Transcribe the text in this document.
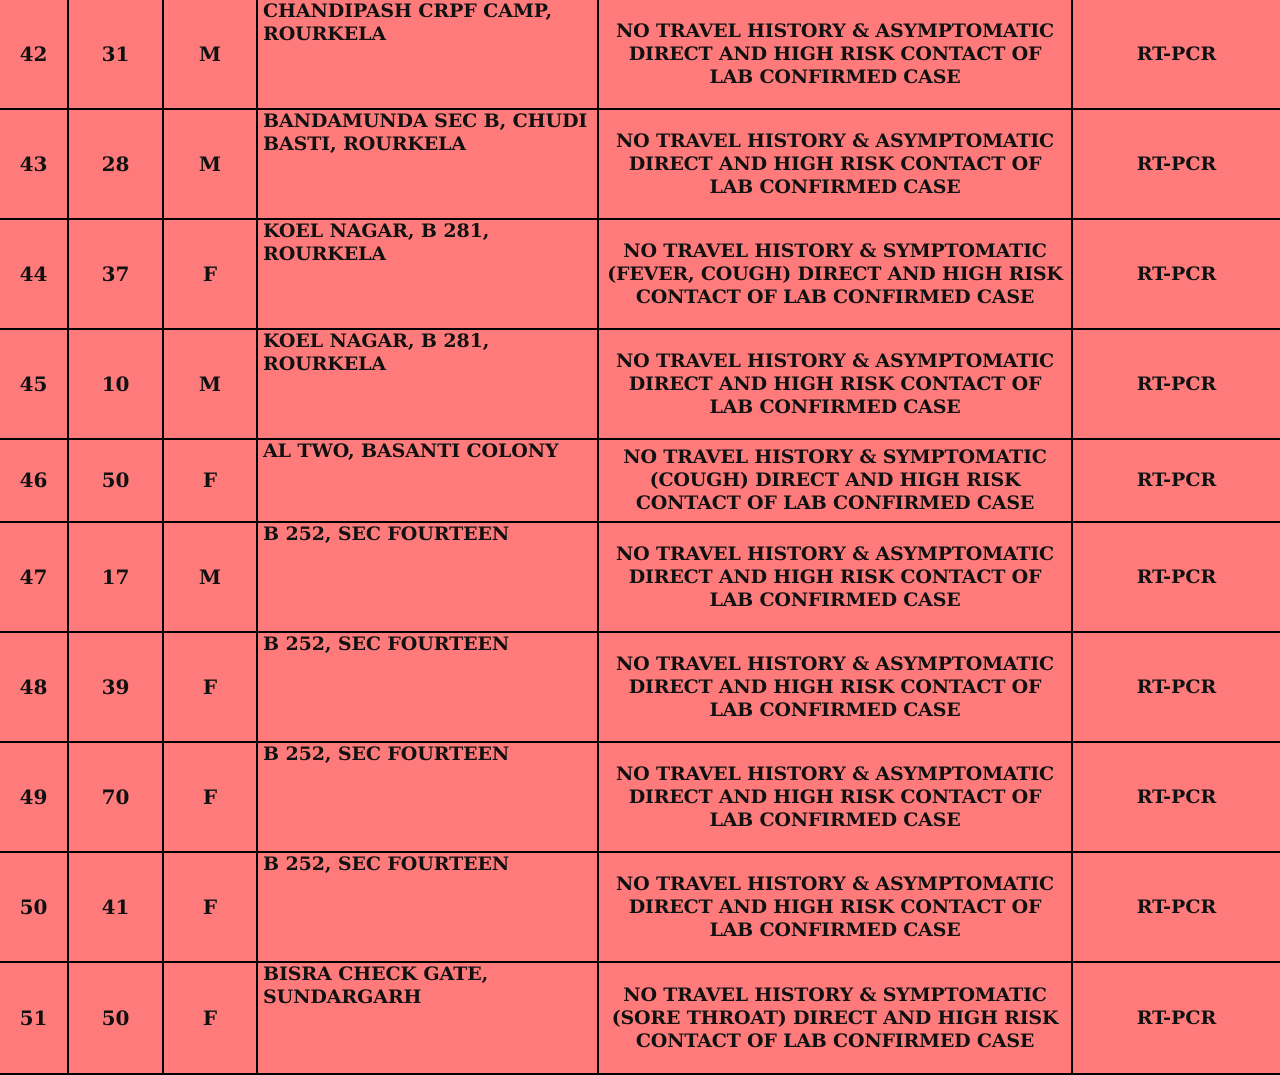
42	31	M	CHANDIPASH CRPF CAMP, ROURKELA	NO TRAVEL HISTORY & ASYMPTOMATIC DIRECT AND HIGH RISK CONTACT OF LAB CONFIRMED CASE	RT-PCR
43	28	M	BANDAMUNDA SEC B, CHUDI BASTI, ROURKELA	NO TRAVEL HISTORY & ASYMPTOMATIC DIRECT AND HIGH RISK CONTACT OF LAB CONFIRMED CASE	RT-PCR
44	37	F	KOEL NAGAR, B 281, ROURKELA	NO TRAVEL HISTORY & SYMPTOMATIC (FEVER, COUGH) DIRECT AND HIGH RISK CONTACT OF LAB CONFIRMED CASE	RT-PCR
45	10	M	KOEL NAGAR, B 281, ROURKELA	NO TRAVEL HISTORY & ASYMPTOMATIC DIRECT AND HIGH RISK CONTACT OF LAB CONFIRMED CASE	RT-PCR
46	50	F	AL TWO, BASANTI COLONY	NO TRAVEL HISTORY & SYMPTOMATIC (COUGH) DIRECT AND HIGH RISK CONTACT OF LAB CONFIRMED CASE	RT-PCR
47	17	M	B 252, SEC FOURTEEN	NO TRAVEL HISTORY & ASYMPTOMATIC DIRECT AND HIGH RISK CONTACT OF LAB CONFIRMED CASE	RT-PCR
48	39	F	B 252, SEC FOURTEEN	NO TRAVEL HISTORY & ASYMPTOMATIC DIRECT AND HIGH RISK CONTACT OF LAB CONFIRMED CASE	RT-PCR
49	70	F	B 252, SEC FOURTEEN	NO TRAVEL HISTORY & ASYMPTOMATIC DIRECT AND HIGH RISK CONTACT OF LAB CONFIRMED CASE	RT-PCR
50	41	F	B 252, SEC FOURTEEN	NO TRAVEL HISTORY & ASYMPTOMATIC DIRECT AND HIGH RISK CONTACT OF LAB CONFIRMED CASE	RT-PCR
51	50	F	BISRA CHECK GATE, SUNDARGARH	NO TRAVEL HISTORY & SYMPTOMATIC (SORE THROAT) DIRECT AND HIGH RISK CONTACT OF LAB CONFIRMED CASE	RT-PCR
